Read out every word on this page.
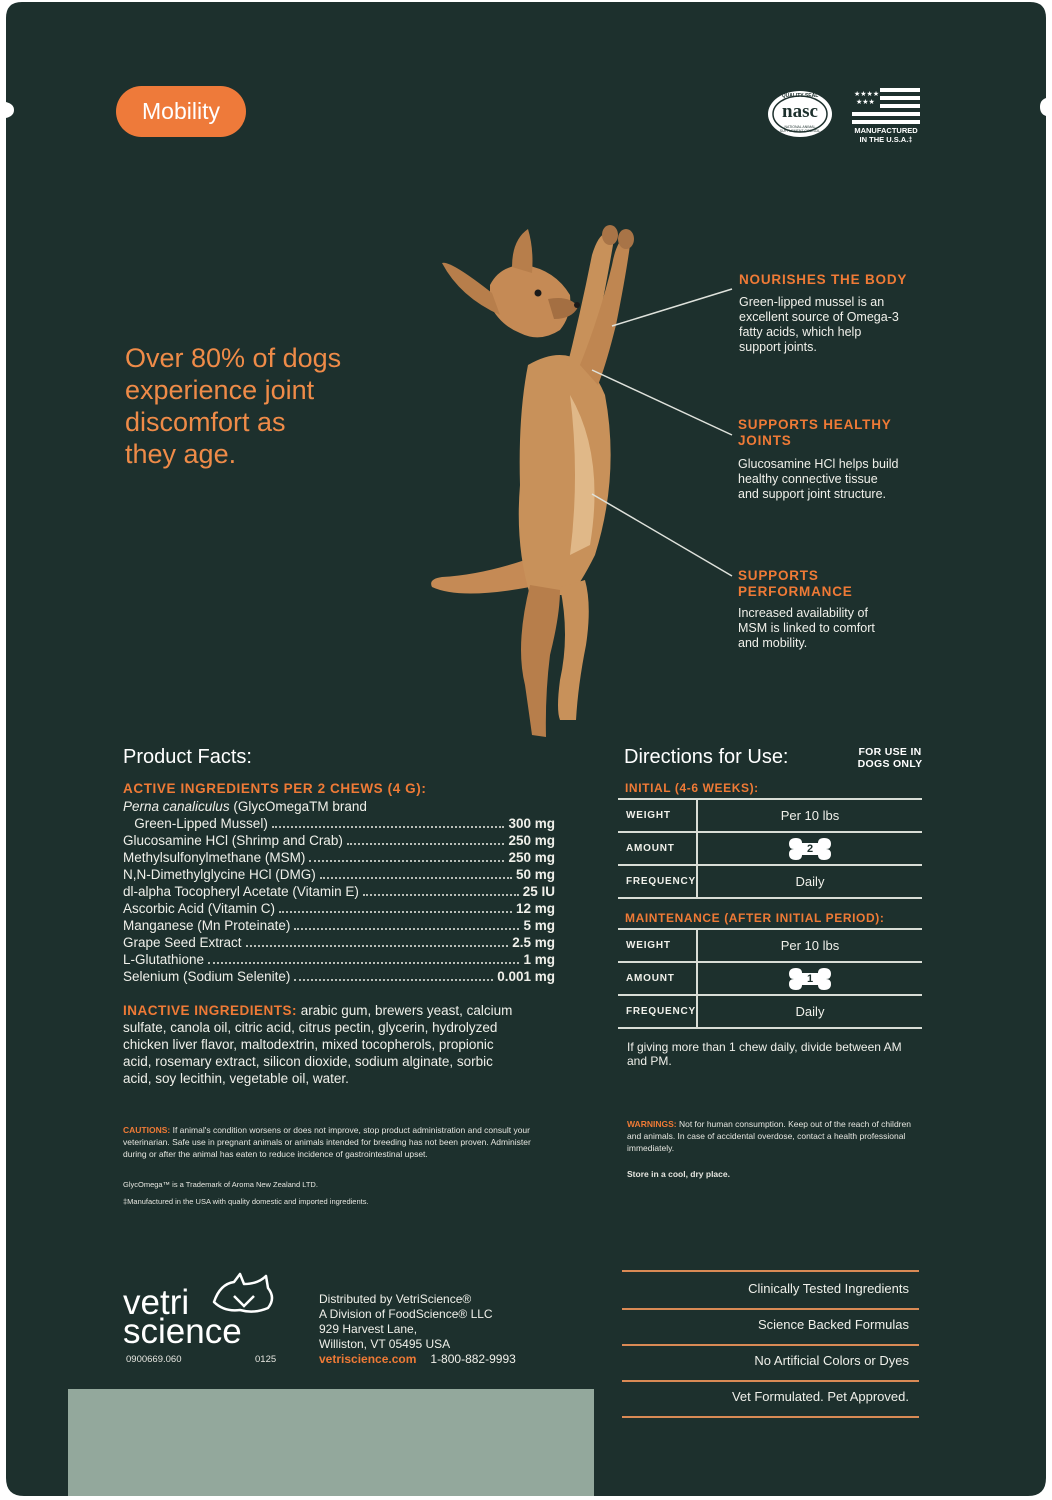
Mobility
QUALITY SEAL
nasc
NATIONAL ANIMAL SUPPLEMENT COUNCIL
★★★★
★★★
MANUFACTURED
IN THE U.S.A.‡
Over 80% of dogs
experience joint
discomfort as
they age.
NOURISHES THE BODY
Green-lipped mussel is an
excellent source of Omega-3
fatty acids, which help
support joints.
SUPPORTS HEALTHY
JOINTS
Glucosamine HCl helps build
healthy connective tissue
and support joint structure.
SUPPORTS
PERFORMANCE
Increased availability of
MSM is linked to comfort
and mobility.
Product Facts:
ACTIVE INGREDIENTS PER 2 CHEWS (4 G):
Perna canaliculus (GlycOmegaTM brand
Green-Lipped Mussel)	300 mg
Glucosamine HCl (Shrimp and Crab)	250 mg
Methylsulfonylmethane (MSM)	250 mg
N,N-Dimethylglycine HCl (DMG)	50 mg
dl-alpha Tocopheryl Acetate (Vitamin E)	25 IU
Ascorbic Acid (Vitamin C)	12 mg
Manganese (Mn Proteinate)	5 mg
Grape Seed Extract	2.5 mg
L-Glutathione	1 mg
Selenium (Sodium Selenite)	0.001 mg
INACTIVE INGREDIENTS: arabic gum, brewers yeast, calcium
sulfate, canola oil, citric acid, citrus pectin, glycerin, hydrolyzed
chicken liver flavor, maltodextrin, mixed tocopherols, propionic
acid, rosemary extract, silicon dioxide, sodium alginate, sorbic
acid, soy lecithin, vegetable oil, water.
CAUTIONS: If animal's condition worsens or does not improve, stop product administration and consult your
veterinarian. Safe use in pregnant animals or animals intended for breeding has not been proven. Administer
during or after the animal has eaten to reduce incidence of gastrointestinal upset.
GlycOmega™ is a Trademark of Aroma New Zealand LTD.
‡Manufactured in the USA with quality domestic and imported ingredients.
Directions for Use:	FOR USE IN
DOGS ONLY
INITIAL (4-6 WEEKS):
WEIGHT	Per 10 lbs
AMOUNT	2
FREQUENCY	Daily
MAINTENANCE (AFTER INITIAL PERIOD):
WEIGHT	Per 10 lbs
AMOUNT	1
FREQUENCY	Daily
If giving more than 1 chew daily, divide between AM
and PM.
WARNINGS: Not for human consumption. Keep out of the reach of children
and animals. In case of accidental overdose, contact a health professional
immediately.
Store in a cool, dry place.
vetri
science
0900669.060	0125
Distributed by VetriScience®
A Division of FoodScience® LLC
929 Harvest Lane,
Williston, VT 05495 USA
vetriscience.com 1-800-882-9993
Clinically Tested Ingredients
Science Backed Formulas
No Artificial Colors or Dyes
Vet Formulated. Pet Approved.
